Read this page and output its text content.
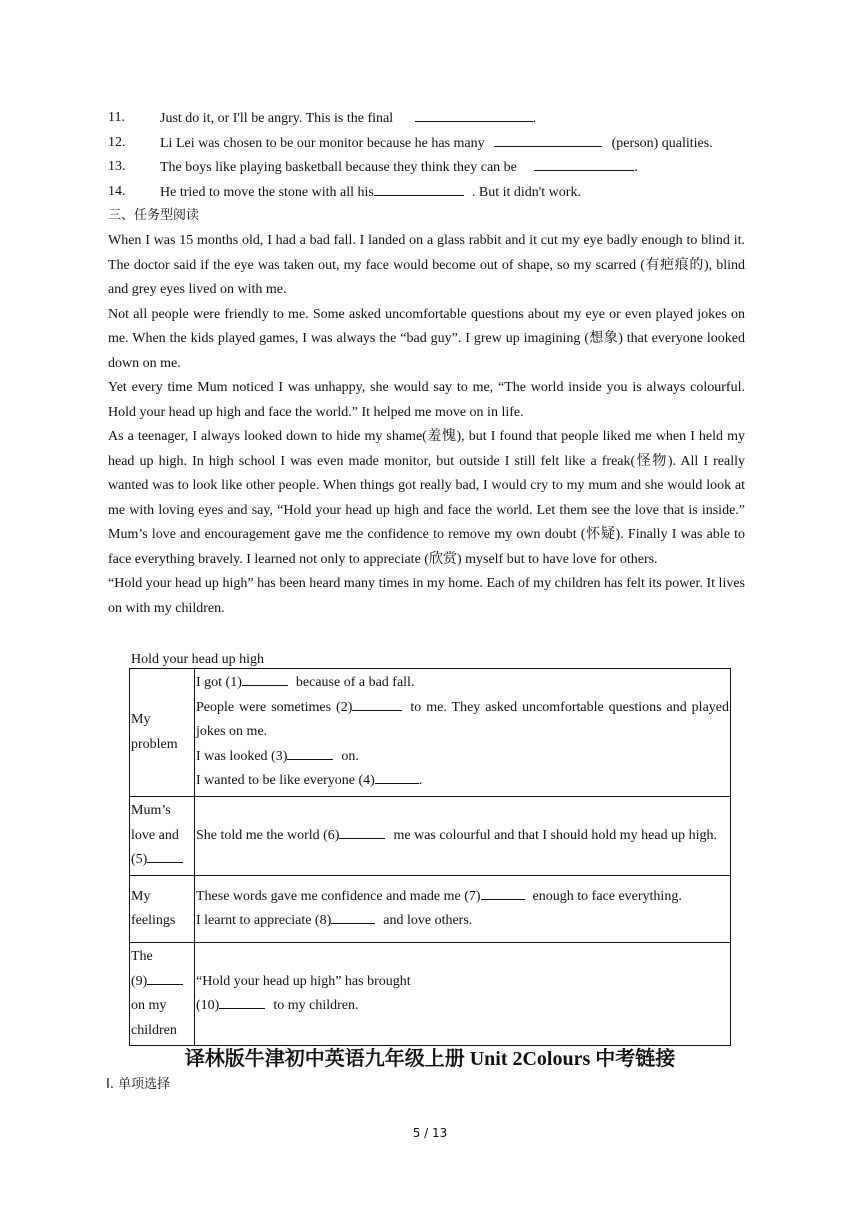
11.	Just do it, or I'll be angry. This is the final	.
12. Li Lei was chosen to be our monitor because he has many	(person) qualities.
13. The boys like playing basketball because they think they can be	.
14. He tried to move the stone with all his	. But it didn't work.
三、任务型阅读

When I was 15 months old, I had a bad fall. I landed on a glass rabbit and it cut my eye badly enough to blind it. The doctor said if the eye was taken out, my face would become out of shape, so my scarred (有疤痕的), blind and grey eyes lived on with me.

Not all people were friendly to me. Some asked uncomfortable questions about my eye or even played jokes on me. When the kids played games, I was always the “bad guy”. I grew up imagining (想象) that everyone looked down on me.

Yet every time Mum noticed I was unhappy, she would say to me, “The world inside you is always colourful. Hold your head up high and face the world.” It helped me move on in life.

As a teenager, I always looked down to hide my shame(羞愧), but I found that people liked me when I held my head up high. In high school I was even made monitor, but outside I still felt like a freak(怪物). All I really wanted was to look like other people. When things got really bad, I would cry to my mum and she would look at me with loving eyes and say, “Hold your head up high and face the world. Let them see the love that is inside.” Mum’s love and encouragement gave me the confidence to remove my own doubt (怀疑). Finally I was able to face everything bravely. I learned not only to appreciate (欣赏) myself but to have love for others.

“Hold your head up high” has been heard many times in my home. Each of my children has felt its power. It lives on with my children.

Hold your head up high
My
problem	I got (1) because of a bad fall.
People were sometimes (2) to me. They asked uncomfortable questions and played jokes on me.
I was looked (3) on.
I wanted to be like everyone (4) .

Mum’s
love and
(5)	She told me the world (6) me was colourful and that I should hold my head up high.

My
feelings	These words gave me confidence and made me (7) enough to face everything.
I learnt to appreciate (8) and love others.

The
(9)
on my
children	“Hold your head up high” has brought
(10) to my children.
译林版牛津初中英语九年级上册 Unit 2Colours 中考链接
Ⅰ. 单项选择
5 / 13
